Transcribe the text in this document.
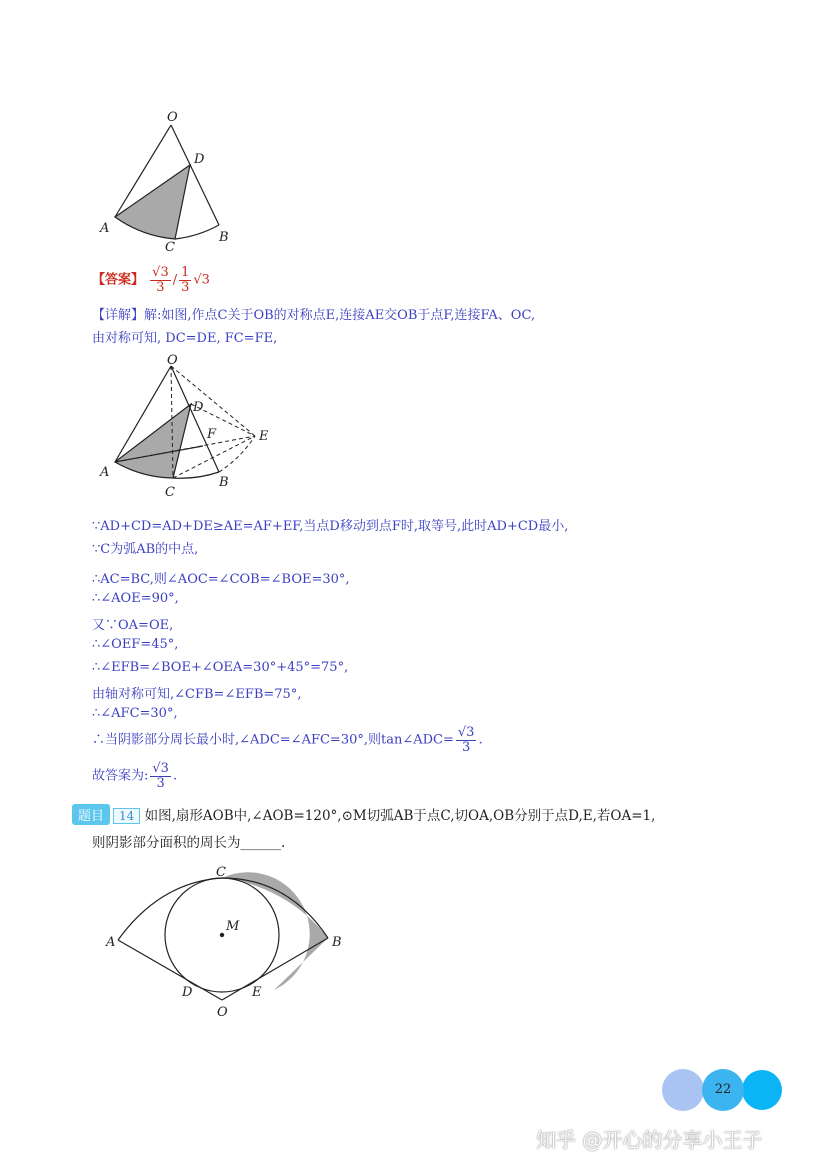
O
D
A
C
B
【答案】 $\frac{√3}{3} / \frac{1}{3} √3$
【详解】解:如图,作点C关于OB的对称点E,连接AE交OB于点F,连接FA、OC,
由对称可知, DC=DE, FC=FE,
O
D
F	E
A
C
B
∵AD+CD=AD+DE≥AE=AF+EF,当点D移动到点F时,取等号,此时AD+CD最小,
∵C为弧AB的中点,
∴AC=BC,则∠AOC=∠COB=∠BOE=30°,
∴∠AOE=90°,
又∵OA=OE,
∴∠OEF=45°,
∴∠EFB=∠BOE+∠OEA=30°+45°=75°,
由轴对称可知,∠CFB=∠EFB=75°,
∴∠AFC=30°,
∴当阴影部分周长最小时,∠ADC=∠AFC=30°,则tan∠ADC= $\frac{√3}{3}$ .
故答案为: $\frac{√3}{3}$ .
题目 14 如图,扇形AOB中,∠AOB=120°,⊙M切弧AB于点C,切OA,OB分别于点D,E,若OA=1,
则阴影部分面积的周长为______.
C
M
A	B
D	E
O
22
知乎 @开心的分享小王子
